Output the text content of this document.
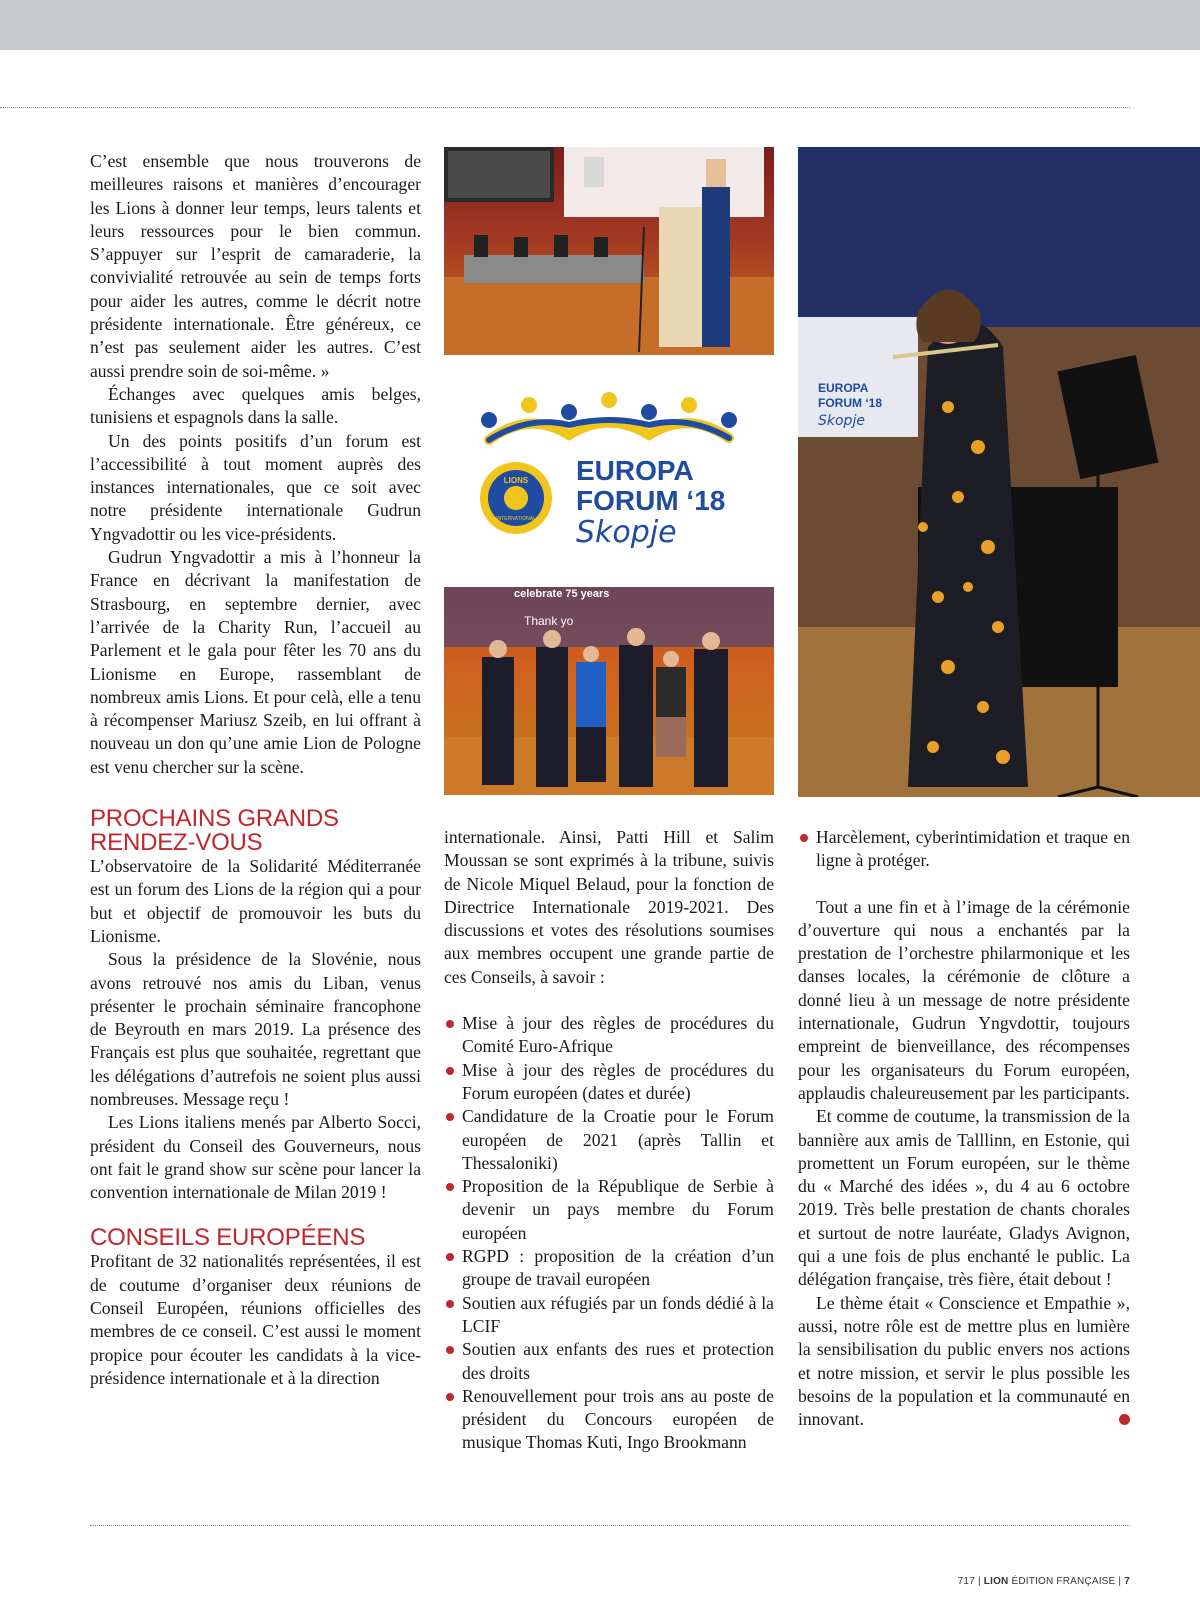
C’est ensemble que nous trouverons de meilleures raisons et manières d’encourager les Lions à donner leur temps, leurs talents et leurs ressources pour le bien commun. S’appuyer sur l’esprit de camaraderie, la convivialité retrouvée au sein de temps forts pour aider les autres, comme le décrit notre présidente internationale. Être généreux, ce n’est pas seulement aider les autres. C’est aussi prendre soin de soi-même. »

Échanges avec quelques amis belges, tunisiens et espagnols dans la salle.

Un des points positifs d’un forum est l’accessibilité à tout moment auprès des instances internationales, que ce soit avec notre présidente internationale Gudrun Yngvadottir ou les vice-présidents.

Gudrun Yngvadottir a mis à l’honneur la France en décrivant la manifestation de Strasbourg, en septembre dernier, avec l’arrivée de la Charity Run, l’accueil au Parlement et le gala pour fêter les 70 ans du Lionisme en Europe, rassemblant de nombreux amis Lions. Et pour celà, elle a tenu à récompenser Mariusz Szeib, en lui offrant à nouveau un don qu’une amie Lion de Pologne est venu chercher sur la scène.

PROCHAINS GRANDS RENDEZ-VOUS

L’observatoire de la Solidarité Méditerranée est un forum des Lions de la région qui a pour but et objectif de promouvoir les buts du Lionisme.

Sous la présidence de la Slovénie, nous avons retrouvé nos amis du Liban, venus présenter le prochain séminaire francophone de Beyrouth en mars 2019. La présence des Français est plus que souhaitée, regrettant que les délégations d’autrefois ne soient plus aussi nombreuses. Message reçu !

Les Lions italiens menés par Alberto Socci, président du Conseil des Gouverneurs, nous ont fait le grand show sur scène pour lancer la convention internationale de Milan 2019 !

CONSEILS EUROPÉENS

Profitant de 32 nationalités représentées, il est de coutume d’organiser deux réunions de Conseil Européen, réunions officielles des membres de ce conseil. C’est aussi le moment propice pour écouter les candidats à la vice-présidence internationale et à la direction

LIONS
INTERNATIONAL
EUROPA
FORUM ‘18
Skopje
celebrate 75 years
Thank yo
EUROPA
FORUM ‘18
Skopje

internationale. Ainsi, Patti Hill et Salim Moussan se sont exprimés à la tribune, suivis de Nicole Miquel Belaud, pour la fonction de Directrice Internationale 2019-2021. Des discussions et votes des résolutions soumises aux membres occupent une grande partie de ces Conseils, à savoir :

Mise à jour des règles de procédures du Comité Euro-Afrique
Mise à jour des règles de procédures du Forum européen (dates et durée)
Candidature de la Croatie pour le Forum européen de 2021 (après Tallin et Thessaloniki)
Proposition de la République de Serbie à devenir un pays membre du Forum européen
RGPD : proposition de la création d’un groupe de travail européen
Soutien aux réfugiés par un fonds dédié à la LCIF
Soutien aux enfants des rues et protection des droits
Renouvellement pour trois ans au poste de président du Concours européen de musique Thomas Kuti, Ingo Brookmann
Harcèlement, cyberintimidation et traque en ligne à protéger.

Tout a une fin et à l’image de la cérémonie d’ouverture qui nous a enchantés par la prestation de l’orchestre philarmonique et les danses locales, la cérémonie de clôture a donné lieu à un message de notre présidente internationale, Gudrun Yngvdottir, toujours empreint de bienveillance, des récompenses pour les organisateurs du Forum européen, applaudis chaleureusement par les participants.

Et comme de coutume, la transmission de la bannière aux amis de Talllinn, en Estonie, qui promettent un Forum européen, sur le thème du « Marché des idées », du 4 au 6 octobre 2019. Très belle prestation de chants chorales et surtout de notre lauréate, Gladys Avignon, qui a une fois de plus enchanté le public. La délégation française, très fière, était debout !

Le thème était « Conscience et Empathie », aussi, notre rôle est de mettre plus en lumière la sensibilisation du public envers nos actions et notre mission, et servir le plus possible les besoins de la population et la communauté en innovant.

717 | LION ÉDITION FRANÇAISE | 7
